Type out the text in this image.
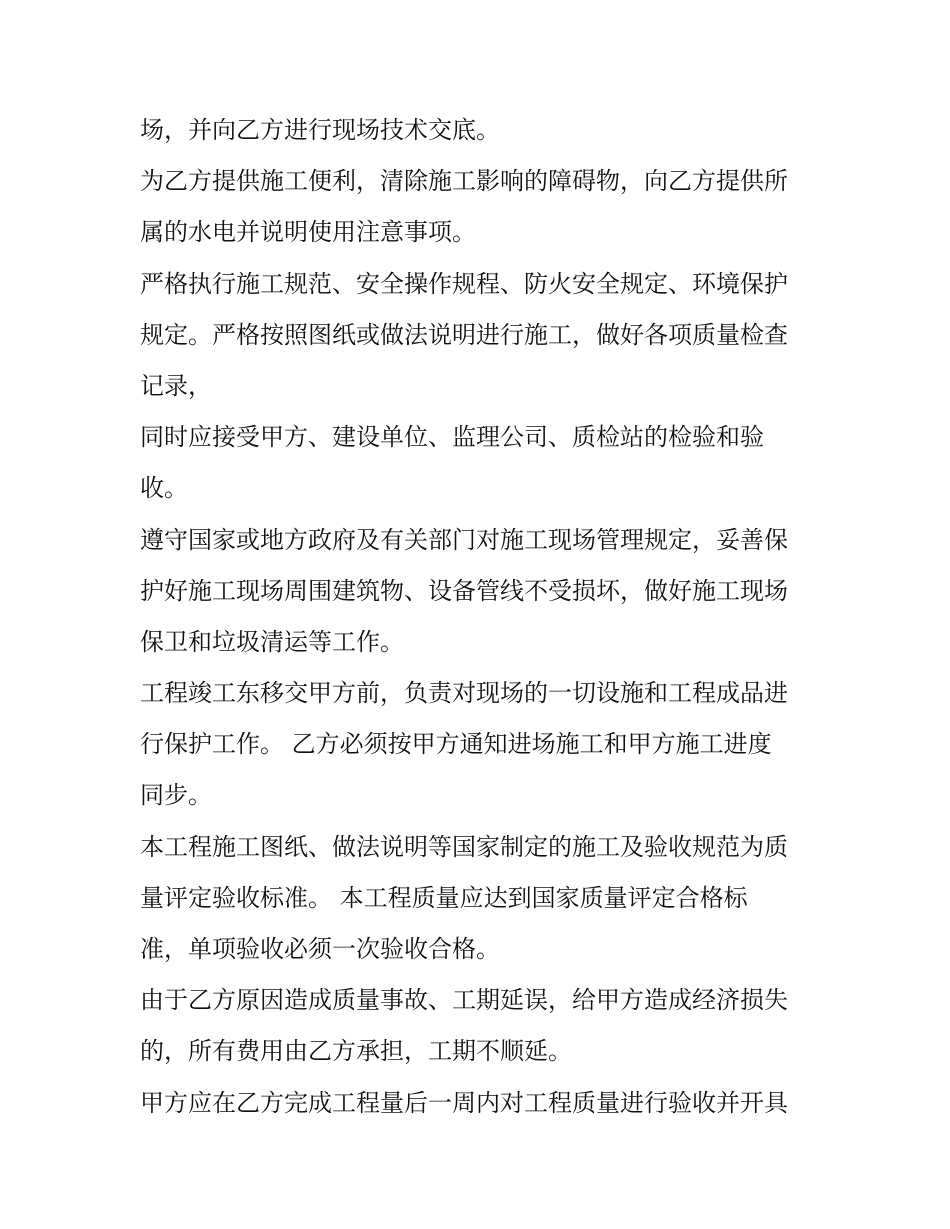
场，并向乙方进行现场技术交底。
为乙方提供施工便利，清除施工影响的障碍物，向乙方提供所
属的水电并说明使用注意事项。
严格执行施工规范、安全操作规程、防火安全规定、环境保护
规定。严格按照图纸或做法说明进行施工，做好各项质量检查
记录，
同时应接受甲方、建设单位、监理公司、质检站的检验和验
收。
遵守国家或地方政府及有关部门对施工现场管理规定，妥善保
护好施工现场周围建筑物、设备管线不受损坏，做好施工现场
保卫和垃圾清运等工作。
工程竣工东移交甲方前，负责对现场的一切设施和工程成品进
行保护工作。 乙方必须按甲方通知进场施工和甲方施工进度
同步。
本工程施工图纸、做法说明等国家制定的施工及验收规范为质
量评定验收标准。 本工程质量应达到国家质量评定合格标
准，单项验收必须一次验收合格。
由于乙方原因造成质量事故、工期延误，给甲方造成经济损失
的，所有费用由乙方承担，工期不顺延。
甲方应在乙方完成工程量后一周内对工程质量进行验收并开具
